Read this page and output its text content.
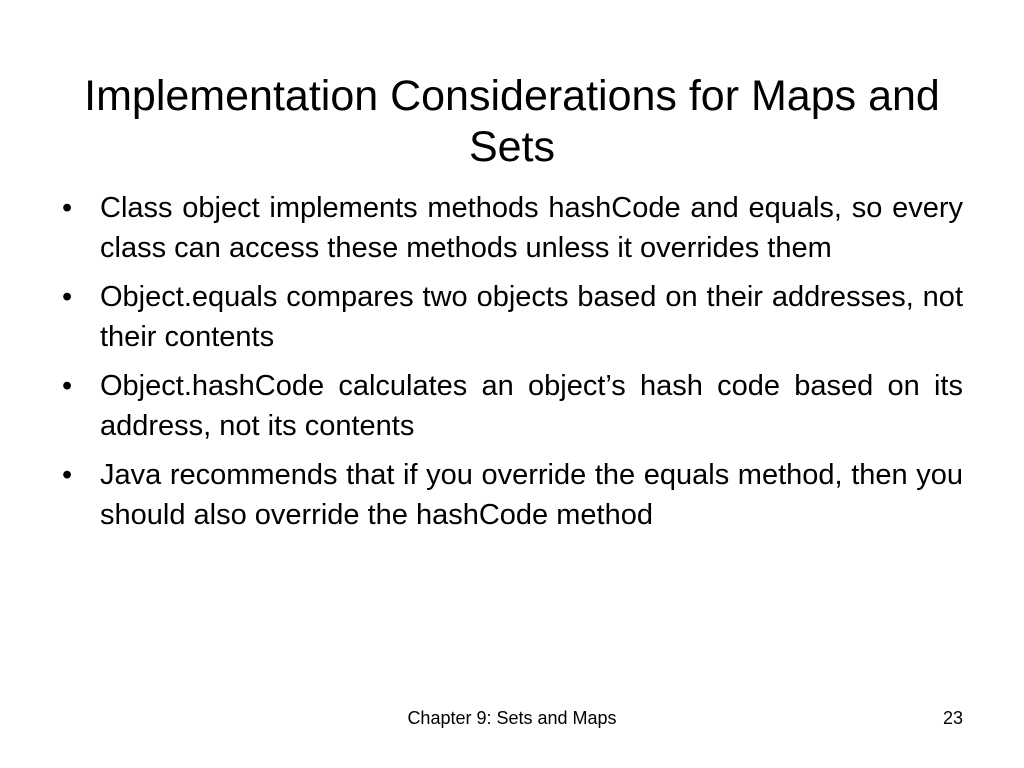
Implementation Considerations for Maps and Sets
• Class object implements methods hashCode and equals, so every class can access these methods unless it overrides them
• Object.equals compares two objects based on their addresses, not their contents
• Object.hashCode calculates an object’s hash code based on its address, not its contents
• Java recommends that if you override the equals method, then you should also override the hashCode method
Chapter 9: Sets and Maps	23
